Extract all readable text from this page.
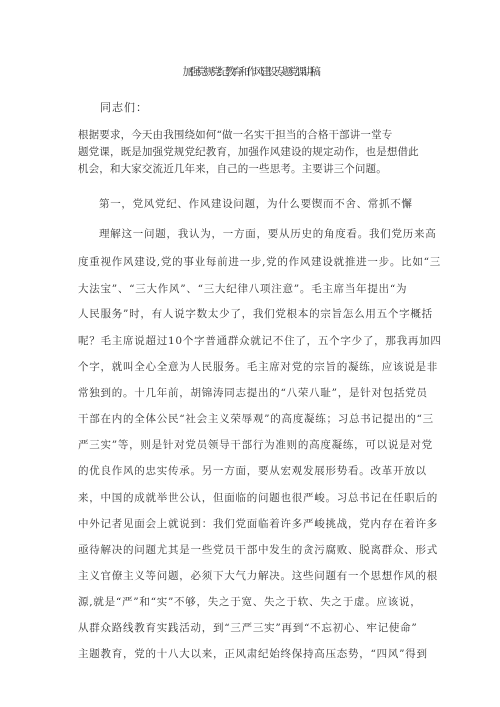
加强党规党纪教育和作风建设专题党课讲稿
同志们：
根据要求，今天由我围绕如何“做一名实干担当的合格干部讲一堂专
题党课，既是加强党规党纪教育，加强作风建设的规定动作，也是想借此
机会，和大家交流近几年来，自己的一些思考。主要讲三个问题。
第一，党风党纪、作风建设问题，为什么要锲而不舍、常抓不懈
理解这一问题，我认为，一方面，要从历史的角度看。我们党历来高
度重视作风建设,党的事业每前进一步,党的作风建设就推进一步。比如“三
大法宝”、“三大作风”、“三大纪律八项注意”。毛主席当年提出“为
人民服务”时，有人说字数太少了，我们党根本的宗旨怎么用五个字概括
呢？毛主席说超过10个字普通群众就记不住了，五个字少了，那我再加四
个字，就叫全心全意为人民服务。毛主席对党的宗旨的凝练，应该说是非
常独到的。十几年前，胡锦涛同志提出的“八荣八耻”，是针对包括党员
干部在内的全体公民“社会主义荣辱观”的高度凝练；习总书记提出的“三
严三实”等，则是针对党员领导干部行为准则的高度凝练，可以说是对党
的优良作风的忠实传承。另一方面，要从宏观发展形势看。改革开放以
来，中国的成就举世公认，但面临的问题也很严峻。习总书记在任职后的
中外记者见面会上就说到：我们党面临着许多严峻挑战，党内存在着许多
亟待解决的问题尤其是一些党员干部中发生的贪污腐败、脱离群众、形式
主义官僚主义等问题，必须下大气力解决。这些问题有一个思想作风的根
源,就是“严”和“实”不够，失之于宽、失之于软、失之于虚。应该说，
从群众路线教育实践活动，到“三严三实”再到“不忘初心、牢记使命”
主题教育，党的十八大以来，正风肃纪始终保持高压态势，“四风”得到
